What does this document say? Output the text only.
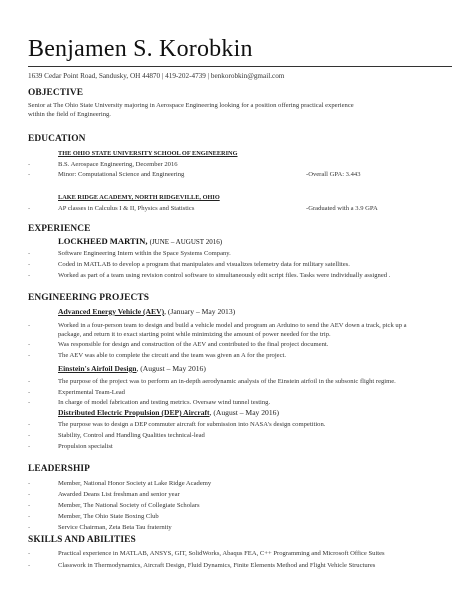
Benjamen S. Korobkin
1639 Cedar Point Road, Sandusky, OH 44870 | 419-202-4739 | benkorobkin@gmail.com
OBJECTIVE
Senior at The Ohio State University majoring in Aerospace Engineering looking for a position offering practical experience
within the field of Engineering.
EDUCATION
THE OHIO STATE UNIVERSITY SCHOOL OF ENGINEERING
-	B.S. Aerospace Engineering, December 2016
-	Minor: Computational Science and Engineering	-Overall GPA: 3.443
LAKE RIDGE ACADEMY, NORTH RIDGEVILLE, OHIO
-	AP classes in Calculus I & II, Physics and Statistics	-Graduated with a 3.9 GPA
EXPERIENCE
LOCKHEED MARTIN, (JUNE – AUGUST 2016)
-	Software Engineering Intern within the Space Systems Company.
-	Coded in MATLAB to develop a program that manipulates and visualizes telemetry data for military satellites.
-	Worked as part of a team using revision control software to simultaneously edit script files. Tasks were individually assigned .
ENGINEERING PROJECTS
Advanced Energy Vehicle (AEV), (January – May 2013)
-	Worked in a four-person team to design and build a vehicle model and program an Arduino to send the AEV down a track, pick up a
package, and return it to exact starting point while minimizing the amount of power needed for the trip.
-	Was responsible for design and construction of the AEV and contributed to the final project document.
-	The AEV was able to complete the circuit and the team was given an A for the project.
Einstein's Airfoil Design, (August – May 2016)
-	The purpose of the project was to perform an in-depth aerodynamic analysis of the Einstein airfoil in the subsonic flight regime.
-	Experimental Team-Lead
-	In charge of model fabrication and testing metrics. Oversaw wind tunnel testing.
Distributed Electric Propulsion (DEP) Aircraft, (August – May 2016)
-	The purpose was to design a DEP commuter aircraft for submission into NASA's design competition.
-	Stability, Control and Handling Qualities technical-lead
-	Propulsion specialist
LEADERSHIP
-	Member, National Honor Society at Lake Ridge Academy
-	Awarded Deans List freshman and senior year
-	Member, The National Society of Collegiate Scholars
-	Member, The Ohio State Boxing Club
-	Service Chairman, Zeta Beta Tau fraternity
SKILLS AND ABILITIES
-	Practical experience in MATLAB, ANSYS, GIT, SolidWorks, Abaqus FEA, C++ Programming and Microsoft Office Suites
-	Classwork in Thermodynamics, Aircraft Design, Fluid Dynamics, Finite Elements Method and Flight Vehicle Structures
